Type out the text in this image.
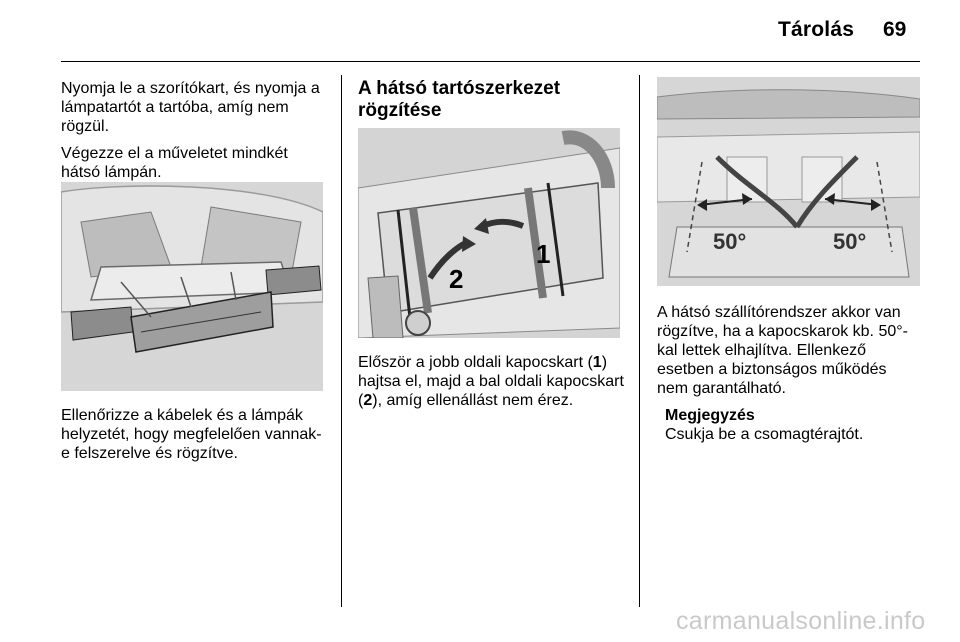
Tárolás 69

Nyomja le a szorítókart, és nyomja a lámpatartót a tartóba, amíg nem rögzül.

Végezze el a műveletet mindkét hátsó lámpán.

Ellenőrizze a kábelek és a lámpák helyzetét, hogy megfelelően vannak-e felszerelve és rögzítve.

A hátsó tartószerkezet rögzítése
1
2

Először a jobb oldali kapocskart (1) hajtsa el, majd a bal oldali kapocskart (2), amíg ellenállást nem érez.

50°	50°

A hátsó szállítórendszer akkor van rögzítve, ha a kapocskarok kb. 50°-kal lettek elhajlítva. Ellenkező esetben a biztonságos működés nem garantálható.

Megjegyzés
Csukja be a csomagtérajtót.
carmanualsonline.info
